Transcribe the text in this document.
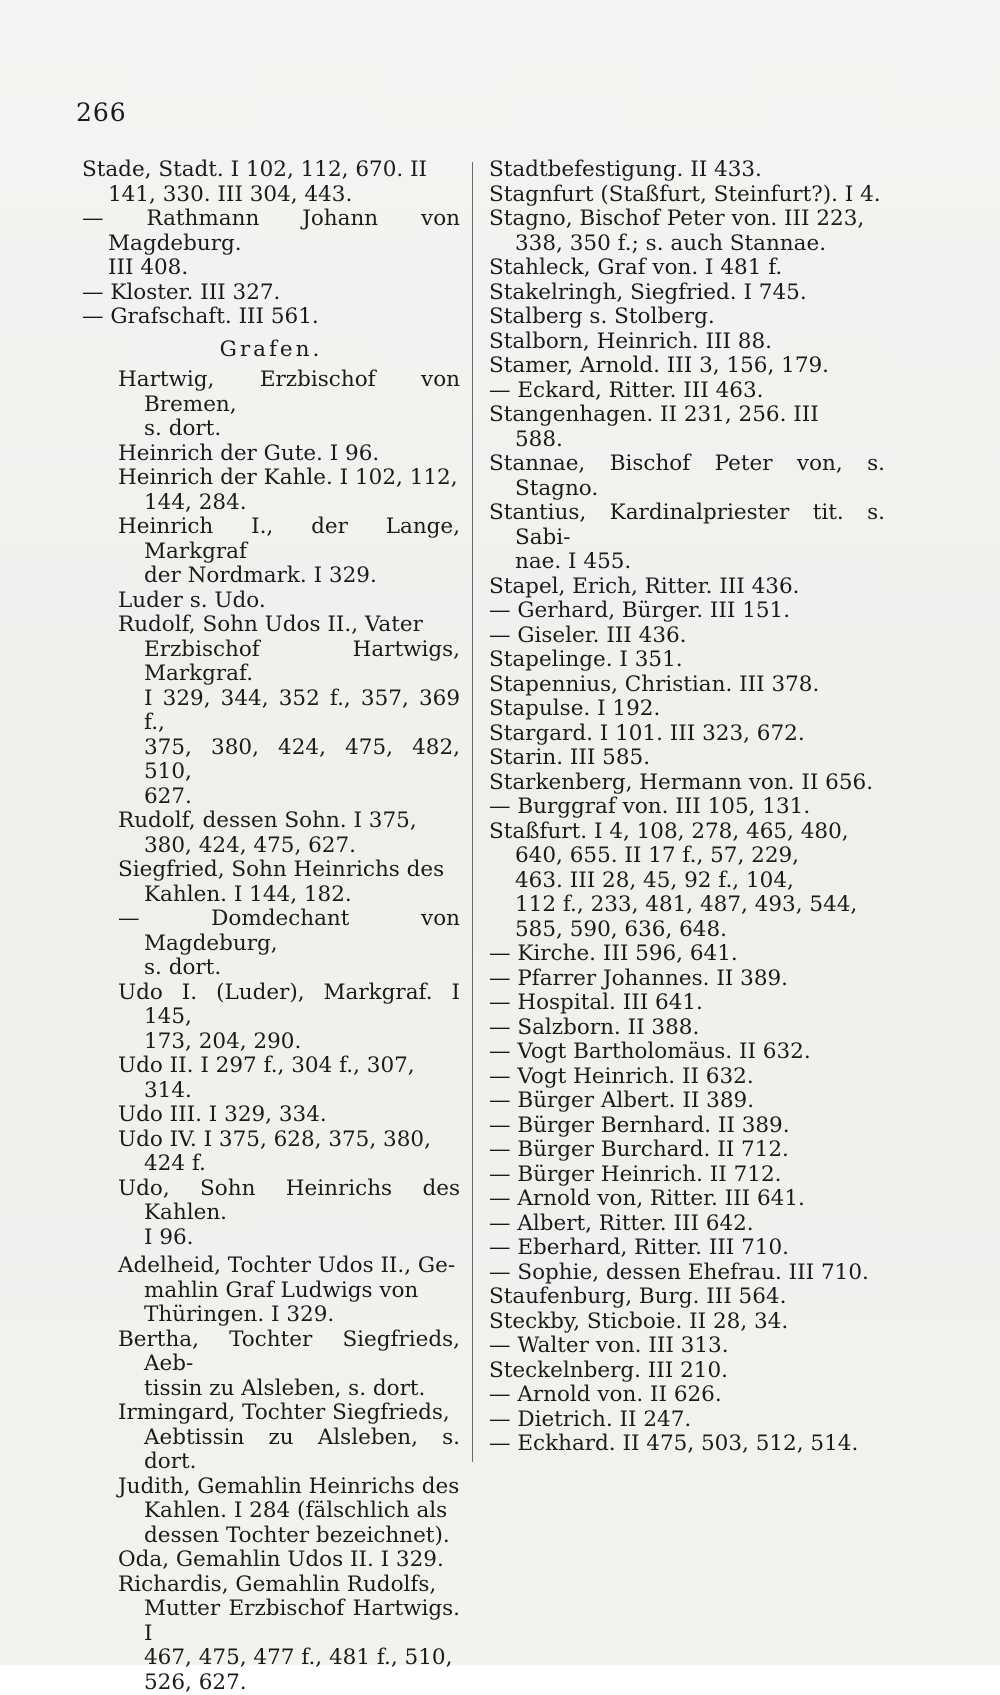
266
Stade, Stadt. I 102, 112, 670. II
141, 330. III 304, 443.
— Rathmann Johann von Magdeburg.
III 408.
— Kloster. III 327.
— Grafschaft. III 561.
Grafen.
Hartwig, Erzbischof von Bremen,
s. dort.
Heinrich der Gute. I 96.
Heinrich der Kahle. I 102, 112,
144, 284.
Heinrich I., der Lange, Markgraf
der Nordmark. I 329.
Luder s. Udo.
Rudolf, Sohn Udos II., Vater
Erzbischof Hartwigs, Markgraf.
I 329, 344, 352 f., 357, 369 f.,
375, 380, 424, 475, 482, 510,
627.
Rudolf, dessen Sohn. I 375,
380, 424, 475, 627.
Siegfried, Sohn Heinrichs des
Kahlen. I 144, 182.
— Domdechant von Magdeburg,
s. dort.
Udo I. (Luder), Markgraf. I 145,
173, 204, 290.
Udo II. I 297 f., 304 f., 307,
314.
Udo III. I 329, 334.
Udo IV. I 375, 628, 375, 380,
424 f.
Udo, Sohn Heinrichs des Kahlen.
I 96.
Adelheid, Tochter Udos II., Ge-
mahlin Graf Ludwigs von
Thüringen. I 329.
Bertha, Tochter Siegfrieds, Aeb-
tissin zu Alsleben, s. dort.
Irmingard, Tochter Siegfrieds,
Aebtissin zu Alsleben, s. dort.
Judith, Gemahlin Heinrichs des
Kahlen. I 284 (fälschlich als
dessen Tochter bezeichnet).
Oda, Gemahlin Udos II. I 329.
Richardis, Gemahlin Rudolfs,
Mutter Erzbischof Hartwigs. I
467, 475, 477 f., 481 f., 510,
526, 627.
Stadtbefestigung. II 433.
Stagnfurt (Staßfurt, Steinfurt?). I 4.
Stagno, Bischof Peter von. III 223,
338, 350 f.; s. auch Stannae.
Stahleck, Graf von. I 481 f.
Stakelringh, Siegfried. I 745.
Stalberg s. Stolberg.
Stalborn, Heinrich. III 88.
Stamer, Arnold. III 3, 156, 179.
— Eckard, Ritter. III 463.
Stangenhagen. II 231, 256. III
588.
Stannae, Bischof Peter von, s. Stagno.
Stantius, Kardinalpriester tit. s. Sabi-
nae. I 455.
Stapel, Erich, Ritter. III 436.
— Gerhard, Bürger. III 151.
— Giseler. III 436.
Stapelinge. I 351.
Stapennius, Christian. III 378.
Stapulse. I 192.
Stargard. I 101. III 323, 672.
Starin. III 585.
Starkenberg, Hermann von. II 656.
— Burggraf von. III 105, 131.
Staßfurt. I 4, 108, 278, 465, 480,
640, 655. II 17 f., 57, 229,
463. III 28, 45, 92 f., 104,
112 f., 233, 481, 487, 493, 544,
585, 590, 636, 648.
— Kirche. III 596, 641.
— Pfarrer Johannes. II 389.
— Hospital. III 641.
— Salzborn. II 388.
— Vogt Bartholomäus. II 632.
— Vogt Heinrich. II 632.
— Bürger Albert. II 389.
— Bürger Bernhard. II 389.
— Bürger Burchard. II 712.
— Bürger Heinrich. II 712.
— Arnold von, Ritter. III 641.
— Albert, Ritter. III 642.
— Eberhard, Ritter. III 710.
— Sophie, dessen Ehefrau. III 710.
Staufenburg, Burg. III 564.
Steckby, Sticboie. II 28, 34.
— Walter von. III 313.
Steckelnberg. III 210.
— Arnold von. II 626.
— Dietrich. II 247.
— Eckhard. II 475, 503, 512, 514.
